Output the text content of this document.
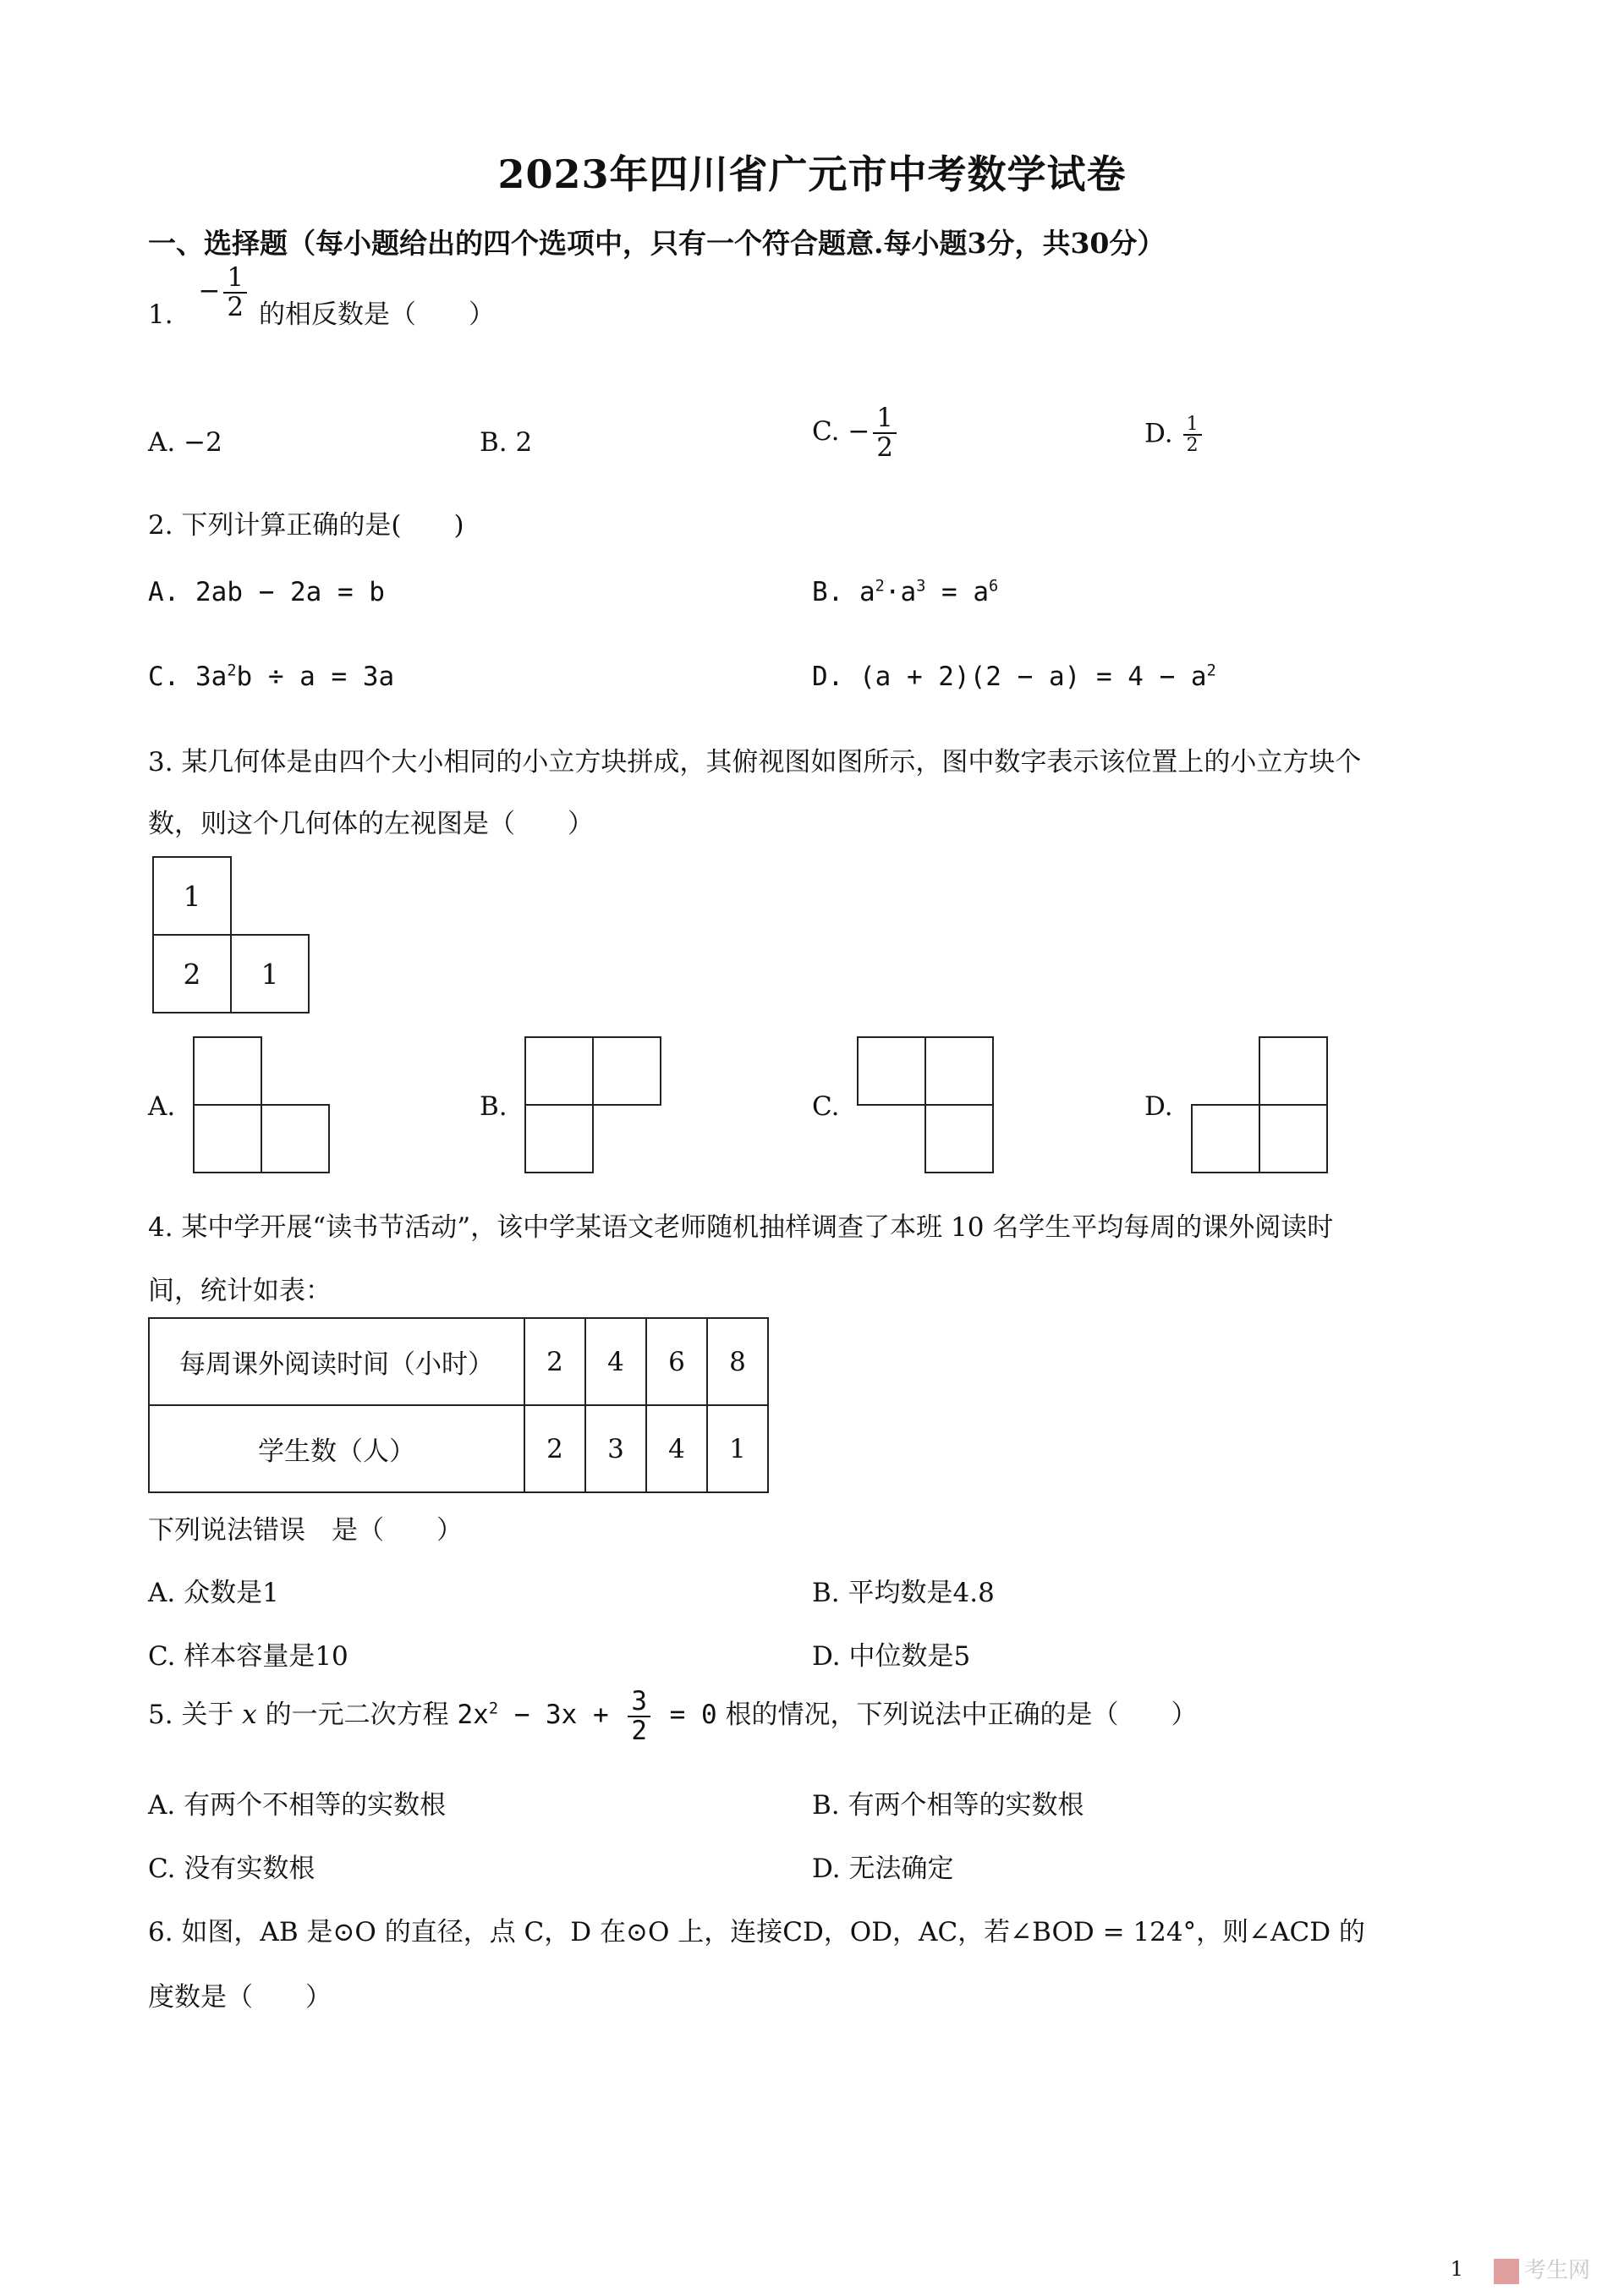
2023年四川省广元市中考数学试卷
一、选择题（每小题给出的四个选项中，只有一个符合题意.每小题3分，共30分）
1. − $\frac{1}{2}$ 的相反数是（　　）
A. −2	B. 2	C. − $\frac{1}{2}$	D. $\frac{1}{2}$
2. 下列计算正确的是(　　)
A. 2ab − 2a = b	B. $a^2\cdot a^3 = a^6$
C. $3a^2b \div a = 3a$	D. $(a + 2)(2 - a) = 4 - a^2$
3. 某几何体是由四个大小相同的小立方块拼成，其俯视图如图所示，图中数字表示该位置上的小立方块个
数，则这个几何体的左视图是（　　）
1
2	1
A.	B.	C.	D.
4. 某中学开展“读书节活动”，该中学某语文老师随机抽样调查了本班 10 名学生平均每周的课外阅读时
间，统计如表：
每周课外阅读时间（小时）	2	4	6	8
学生数（人）	2	3	4	1
下列说法错误　是（　　）
A. 众数是1	B. 平均数是4.8
C. 样本容量是10	D. 中位数是5
5. 关于 x 的一元二次方程 $2x^2 - 3x + \frac{3}{2} = 0$ 根的情况，下列说法中正确的是（　　）
A. 有两个不相等的实数根	B. 有两个相等的实数根
C. 没有实数根	D. 无法确定
6. 如图，AB 是⊙O 的直径，点 C，D 在⊙O 上，连接CD，OD，AC，若∠BOD = 124°，则∠ACD 的
度数是（　　）
1	考生网
